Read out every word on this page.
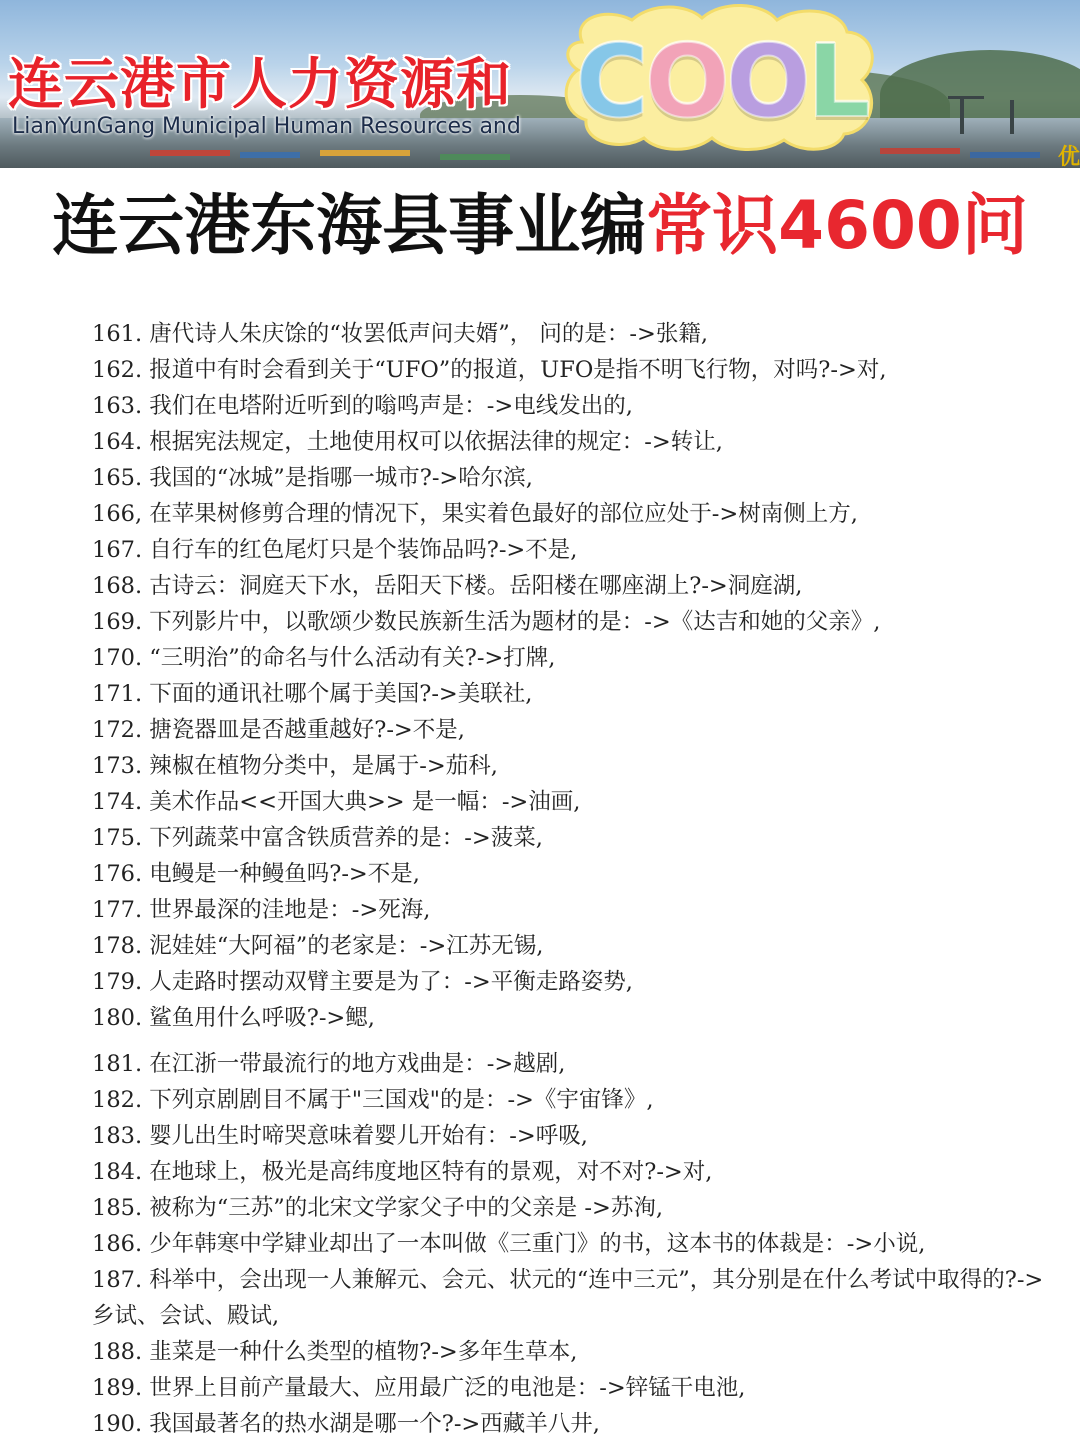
连云港市人力资源和
LianYunGang Municipal Human Resources and
优
COOL
连云港东海县事业编常识4600问
161. 唐代诗人朱庆馀的“妆罢低声问夫婿”， 问的是：->张籍,
162. 报道中有时会看到关于“UFO”的报道，UFO是指不明飞行物，对吗?->对,
163. 我们在电塔附近听到的嗡鸣声是：->电线发出的,
164. 根据宪法规定，土地使用权可以依据法律的规定：->转让,
165. 我国的“冰城”是指哪一城市?->哈尔滨,
166, 在苹果树修剪合理的情况下，果实着色最好的部位应处于->树南侧上方,
167. 自行车的红色尾灯只是个装饰品吗?->不是,
168. 古诗云：洞庭天下水，岳阳天下楼。岳阳楼在哪座湖上?->洞庭湖,
169. 下列影片中，以歌颂少数民族新生活为题材的是：->《达吉和她的父亲》,
170. “三明治”的命名与什么活动有关?->打牌,
171. 下面的通讯社哪个属于美国?->美联社,
172. 搪瓷器皿是否越重越好?->不是,
173. 辣椒在植物分类中，是属于->茄科,
174. 美术作品<<开国大典>> 是一幅：->油画,
175. 下列蔬菜中富含铁质营养的是：->菠菜,
176. 电鳗是一种鳗鱼吗?->不是,
177. 世界最深的洼地是：->死海,
178. 泥娃娃“大阿福”的老家是：->江苏无锡,
179. 人走路时摆动双臂主要是为了：->平衡走路姿势,
180. 鲨鱼用什么呼吸?->鳃,
181. 在江浙一带最流行的地方戏曲是：->越剧,
182. 下列京剧剧目不属于"三国戏"的是：->《宇宙锋》,
183. 婴儿出生时啼哭意味着婴儿开始有：->呼吸,
184. 在地球上，极光是高纬度地区特有的景观，对不对?->对,
185. 被称为“三苏”的北宋文学家父子中的父亲是 ->苏洵,
186. 少年韩寒中学肄业却出了一本叫做《三重门》的书，这本书的体裁是：->小说,
187. 科举中，会出现一人兼解元、会元、状元的“连中三元”，其分别是在什么考试中取得的?->乡试、会试、殿试,
188. 韭菜是一种什么类型的植物?->多年生草本,
189. 世界上目前产量最大、应用最广泛的电池是：->锌锰干电池,
190. 我国最著名的热水湖是哪一个?->西藏羊八井,
